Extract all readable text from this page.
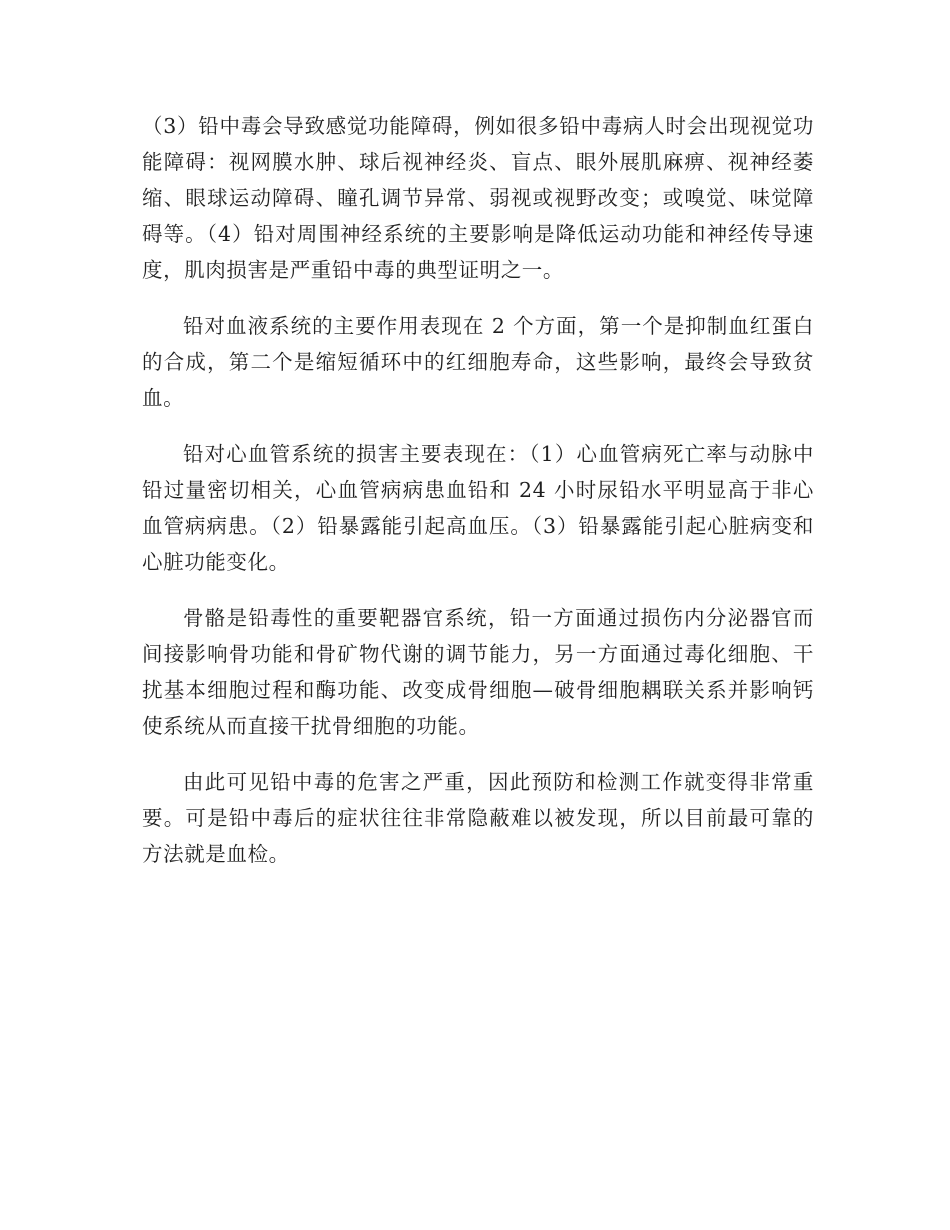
（3）铅中毒会导致感觉功能障碍，例如很多铅中毒病人时会出现视觉功能障碍：视网膜水肿、球后视神经炎、盲点、眼外展肌麻痹、视神经萎缩、眼球运动障碍、瞳孔调节异常、弱视或视野改变；或嗅觉、味觉障碍等。（4）铅对周围神经系统的主要影响是降低运动功能和神经传导速度，肌肉损害是严重铅中毒的典型证明之一。

铅对血液系统的主要作用表现在 2 个方面，第一个是抑制血红蛋白的合成，第二个是缩短循环中的红细胞寿命，这些影响，最终会导致贫血。

铅对心血管系统的损害主要表现在：（1）心血管病死亡率与动脉中铅过量密切相关，心血管病病患血铅和 24 小时尿铅水平明显高于非心血管病病患。（2）铅暴露能引起高血压。（3）铅暴露能引起心脏病变和心脏功能变化。

骨骼是铅毒性的重要靶器官系统，铅一方面通过损伤内分泌器官而间接影响骨功能和骨矿物代谢的调节能力，另一方面通过毒化细胞、干扰基本细胞过程和酶功能、改变成骨细胞—破骨细胞耦联关系并影响钙使系统从而直接干扰骨细胞的功能。

由此可见铅中毒的危害之严重，因此预防和检测工作就变得非常重要。可是铅中毒后的症状往往非常隐蔽难以被发现，所以目前最可靠的方法就是血检。
